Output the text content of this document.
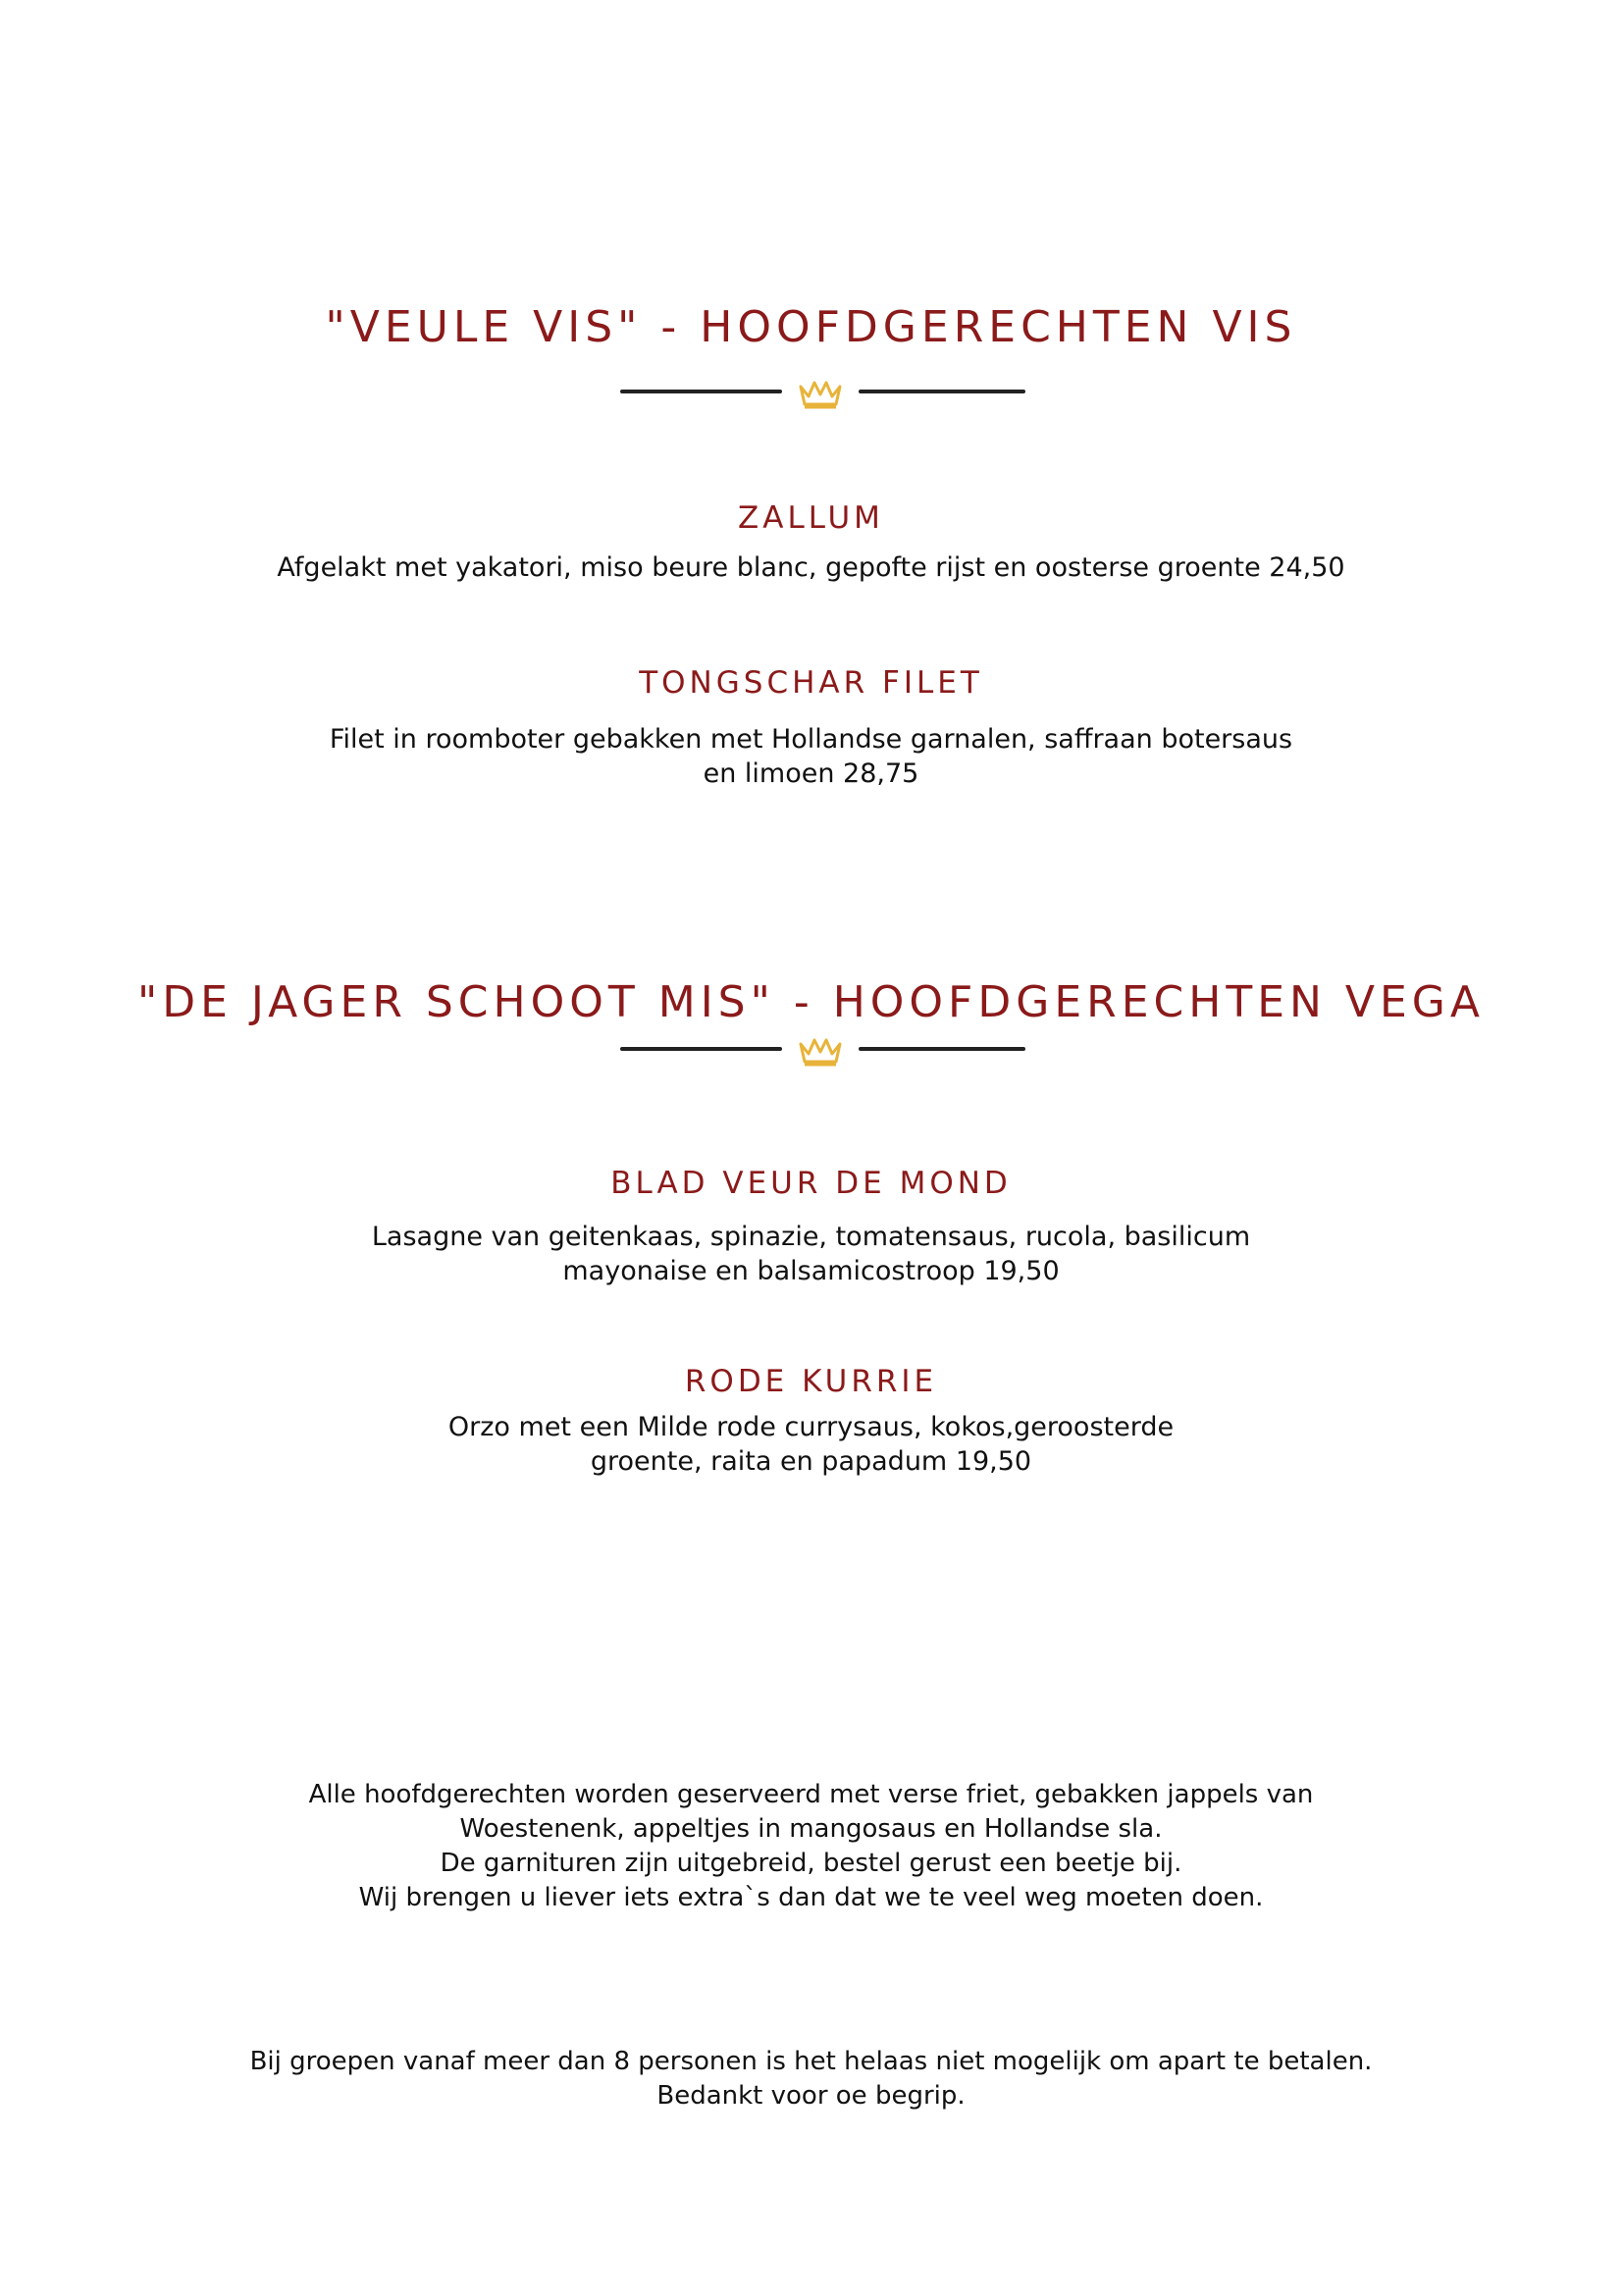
"VEULE VIS" - HOOFDGERECHTEN VIS
ZALLUM

Afgelakt met yakatori, miso beure blanc, gepofte rijst en oosterse groente 24,50

TONGSCHAR FILET

Filet in roomboter gebakken met Hollandse garnalen, saffraan botersaus

en limoen 28,75

"DE JAGER SCHOOT MIS" - HOOFDGERECHTEN VEGA
BLAD VEUR DE MOND

Lasagne van geitenkaas, spinazie, tomatensaus, rucola, basilicum

mayonaise en balsamicostroop 19,50

RODE KURRIE

Orzo met een Milde rode currysaus, kokos,geroosterde

groente, raita en papadum 19,50

Alle hoofdgerechten worden geserveerd met verse friet, gebakken jappels van
Woestenenk, appeltjes in mangosaus en Hollandse sla.
De garnituren zijn uitgebreid, bestel gerust een beetje bij.
Wij brengen u liever iets extra`s dan dat we te veel weg moeten doen.
Bij groepen vanaf meer dan 8 personen is het helaas niet mogelijk om apart te betalen.
Bedankt voor oe begrip.
